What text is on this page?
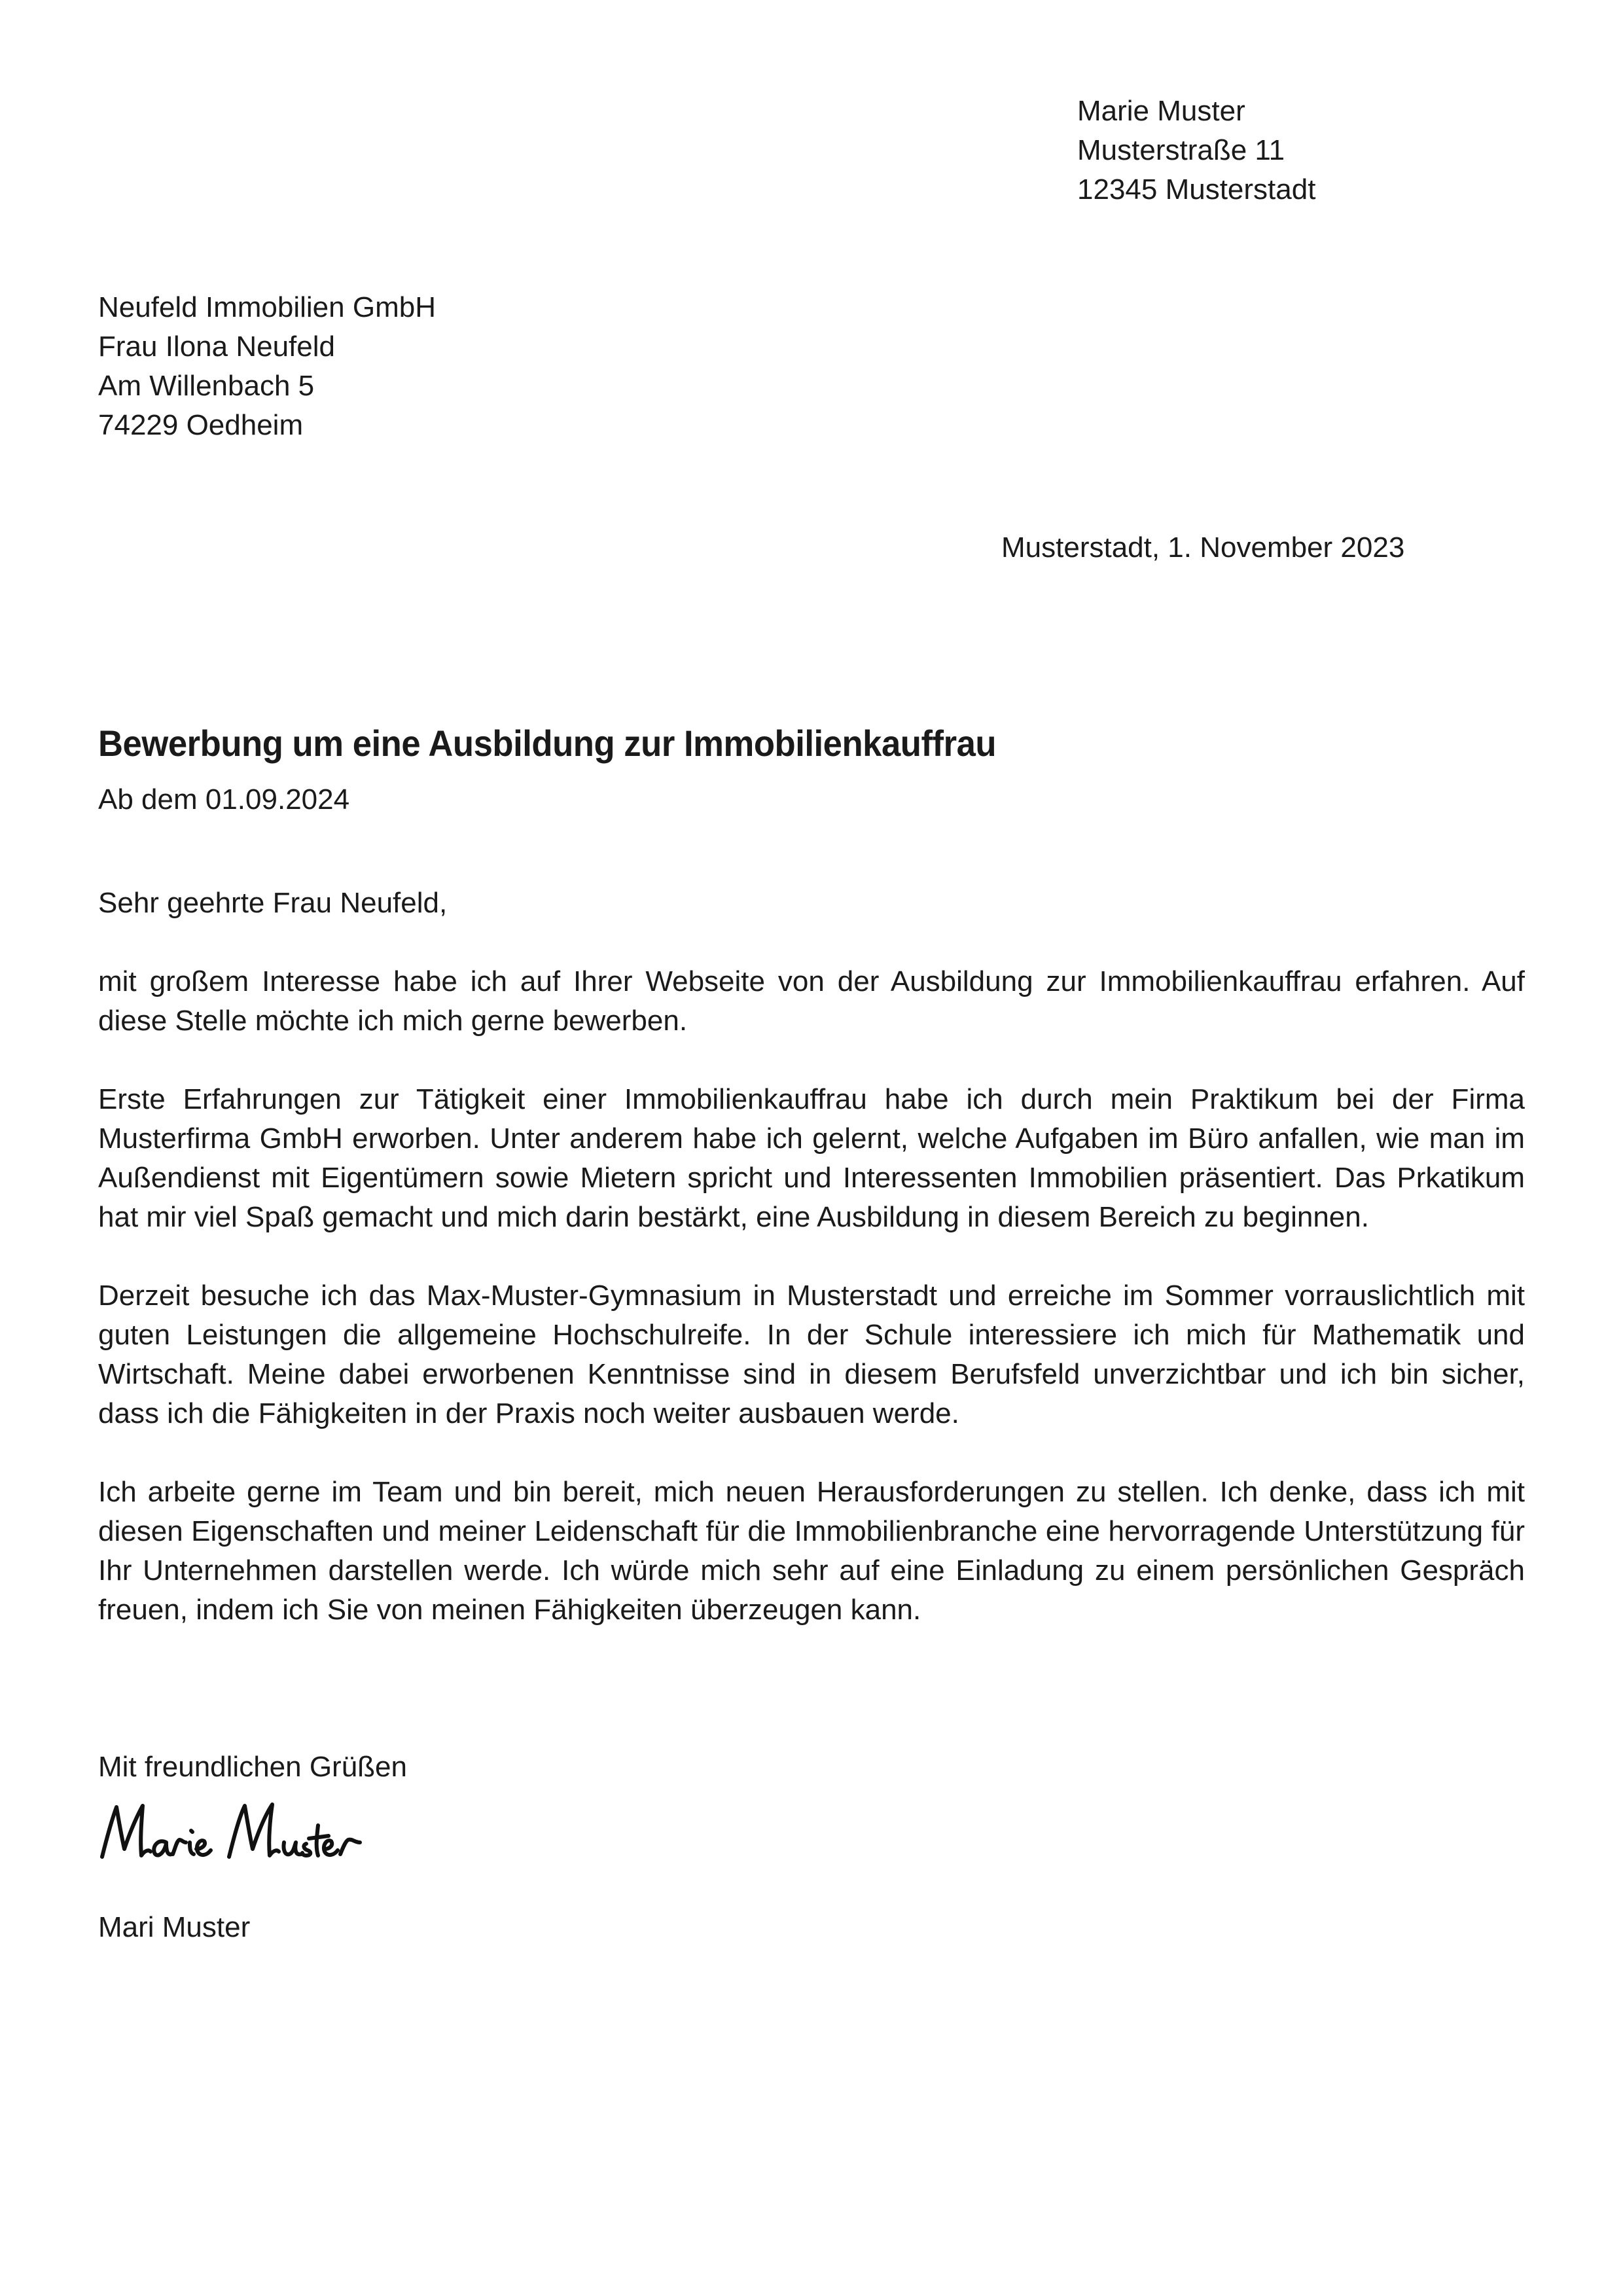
Marie Muster
Musterstraße 11
12345 Musterstadt
Neufeld Immobilien GmbH
Frau Ilona Neufeld
Am Willenbach 5
74229 Oedheim
Musterstadt, 1. November 2023
Bewerbung um eine Ausbildung zur Immobilienkauffrau
Ab dem 01.09.2024
Sehr geehrte Frau Neufeld,
mit großem Interesse habe ich auf Ihrer Webseite von der Ausbildung zur Immobilienkauffrau erfahren. Auf diese Stelle möchte ich mich gerne bewerben.
Erste Erfahrungen zur Tätigkeit einer Immobilienkauffrau habe ich durch mein Praktikum bei der Firma Musterfirma GmbH erworben. Unter anderem habe ich gelernt, welche Aufgaben im Büro anfallen, wie man im Außendienst mit Eigentümern sowie Mietern spricht und Interessenten Immobilien präsentiert. Das Prkatikum hat mir viel Spaß gemacht und mich darin bestärkt, eine Ausbildung in diesem Bereich zu beginnen.
Derzeit besuche ich das Max-Muster-Gymnasium in Musterstadt und erreiche im Sommer vorrauslichtlich mit guten Leistungen die allgemeine Hochschulreife. In der Schule interessiere ich mich für Mathematik und Wirtschaft. Meine dabei erworbenen Kenntnisse sind in diesem Berufsfeld unverzichtbar und ich bin sicher, dass ich die Fähigkeiten in der Praxis noch weiter ausbauen werde.
Ich arbeite gerne im Team und bin bereit, mich neuen Herausforderungen zu stellen. Ich denke, dass ich mit diesen Eigenschaften und meiner Leidenschaft für die Immobilienbranche eine hervorragende Unterstützung für Ihr Unternehmen darstellen werde. Ich würde mich sehr auf eine Einladung zu einem persönlichen Gespräch freuen, indem ich Sie von meinen Fähigkeiten überzeugen kann.
Mit freundlichen Grüßen
Mari Muster
